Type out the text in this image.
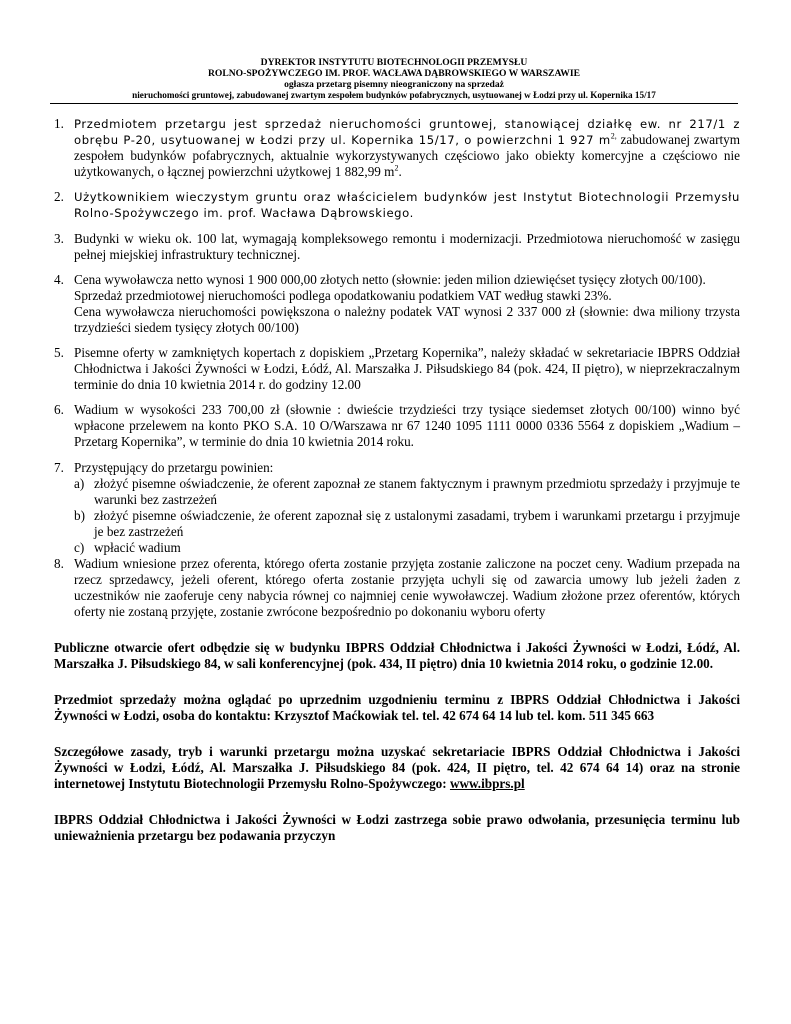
DYREKTOR INSTYTUTU BIOTECHNOLOGII PRZEMYSŁU
ROLNO-SPOŻYWCZEGO IM. PROF. WACŁAWA DĄBROWSKIEGO W WARSZAWIE
ogłasza przetarg pisemny nieograniczony na sprzedaż
nieruchomości gruntowej, zabudowanej zwartym zespołem budynków pofabrycznych, usytuowanej w Łodzi przy ul. Kopernika 15/17
1. Przedmiotem przetargu jest sprzedaż nieruchomości gruntowej, stanowiącej działkę ew. nr 217/1 z obrębu P-20, usytuowanej w Łodzi przy ul. Kopernika 15/17, o powierzchni 1 927 $m^{2,}$ zabudowanej zwartym zespołem budynków pofabrycznych, aktualnie wykorzystywanych częściowo jako obiekty komercyjne a częściowo nie użytkowanych, o łącznej powierzchni użytkowej 1 882,99 $m^2$.

2. Użytkownikiem wieczystym gruntu oraz właścicielem budynków jest Instytut Biotechnologii Przemysłu Rolno-Spożywczego im. prof. Wacława Dąbrowskiego.

3. Budynki w wieku ok. 100 lat, wymagają kompleksowego remontu i modernizacji. Przedmiotowa nieruchomość w zasięgu pełnej miejskiej infrastruktury technicznej.

4. Cena wywoławcza netto wynosi 1 900 000,00 złotych netto (słownie: jeden milion dziewięćset tysięcy złotych 00/100).

Sprzedaż przedmiotowej nieruchomości podlega opodatkowaniu podatkiem VAT według stawki 23%.

Cena wywoławcza nieruchomości powiększona o należny podatek VAT wynosi 2 337 000 zł (słownie: dwa miliony trzysta trzydzieści siedem tysięcy złotych 00/100)

5. Pisemne oferty w zamkniętych kopertach z dopiskiem „Przetarg Kopernika”, należy składać w sekretariacie IBPRS Oddział Chłodnictwa i Jakości Żywności w Łodzi, Łódź, Al. Marszałka J. Piłsudskiego 84 (pok. 424, II piętro), w nieprzekraczalnym terminie do dnia 10 kwietnia 2014 r. do godziny 12.00

6. Wadium w wysokości 233 700,00 zł (słownie : dwieście trzydzieści trzy tysiące siedemset złotych 00/100) winno być wpłacone przelewem na konto PKO S.A. 10 O/Warszawa nr 67 1240 1095 1111 0000 0336 5564 z dopiskiem „Wadium – Przetarg Kopernika”, w terminie do dnia 10 kwietnia 2014 roku.

7. Przystępujący do przetargu powinien:

a) złożyć pisemne oświadczenie, że oferent zapoznał ze stanem faktycznym i prawnym przedmiotu sprzedaży i przyjmuje te warunki bez zastrzeżeń

b) złożyć pisemne oświadczenie, że oferent zapoznał się z ustalonymi zasadami, trybem i warunkami przetargu i przyjmuje je bez zastrzeżeń

c) wpłacić wadium

8. Wadium wniesione przez oferenta, którego oferta zostanie przyjęta zostanie zaliczone na poczet ceny. Wadium przepada na rzecz sprzedawcy, jeżeli oferent, którego oferta zostanie przyjęta uchyli się od zawarcia umowy lub jeżeli żaden z uczestników nie zaoferuje ceny nabycia równej co najmniej cenie wywoławczej. Wadium złożone przez oferentów, których oferty nie zostaną przyjęte, zostanie zwrócone bezpośrednio po dokonaniu wyboru oferty

Publiczne otwarcie ofert odbędzie się w budynku IBPRS Oddział Chłodnictwa i Jakości Żywności w Łodzi, Łódź, Al. Marszałka J. Piłsudskiego 84, w sali konferencyjnej (pok. 434, II piętro) dnia 10 kwietnia 2014 roku, o godzinie 12.00.

Przedmiot sprzedaży można oglądać po uprzednim uzgodnieniu terminu z IBPRS Oddział Chłodnictwa i Jakości Żywności w Łodzi, osoba do kontaktu: Krzysztof Maćkowiak tel. tel. 42 674 64 14 lub tel. kom. 511 345 663

Szczegółowe zasady, tryb i warunki przetargu można uzyskać sekretariacie IBPRS Oddział Chłodnictwa i Jakości Żywności w Łodzi, Łódź, Al. Marszałka J. Piłsudskiego 84 (pok. 424, II piętro, tel. 42 674 64 14) oraz na stronie internetowej Instytutu Biotechnologii Przemysłu Rolno-Spożywczego: www.ibprs.pl

IBPRS Oddział Chłodnictwa i Jakości Żywności w Łodzi zastrzega sobie prawo odwołania, przesunięcia terminu lub unieważnienia przetargu bez podawania przyczyn
